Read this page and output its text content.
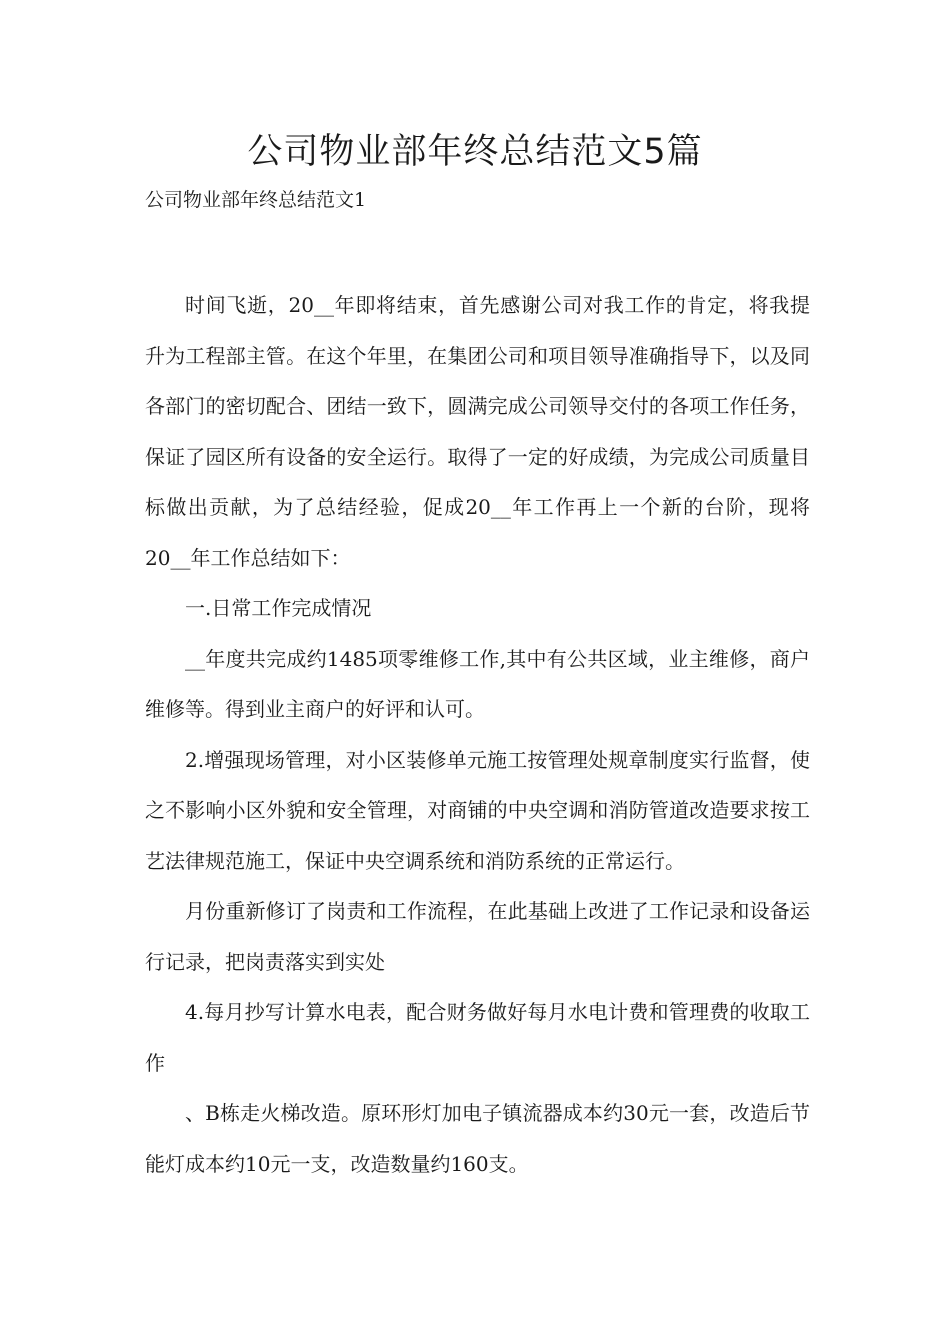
公司物业部年终总结范文5篇

公司物业部年终总结范文1

时间飞逝，20__年即将结束，首先感谢公司对我工作的肯定，将我提升为工程部主管。在这个年里，在集团公司和项目领导准确指导下，以及同各部门的密切配合、团结一致下，圆满完成公司领导交付的各项工作任务，保证了园区所有设备的安全运行。取得了一定的好成绩，为完成公司质量目标做出贡献，为了总结经验，促成20__年工作再上一个新的台阶，现将20__年工作总结如下：

一.日常工作完成情况

__年度共完成约1485项零维修工作,其中有公共区域，业主维修，商户维修等。得到业主商户的好评和认可。

2.增强现场管理，对小区装修单元施工按管理处规章制度实行监督，使之不影响小区外貌和安全管理，对商铺的中央空调和消防管道改造要求按工艺法律规范施工，保证中央空调系统和消防系统的正常运行。

月份重新修订了岗责和工作流程，在此基础上改进了工作记录和设备运行记录，把岗责落实到实处

4.每月抄写计算水电表，配合财务做好每月水电计费和管理费的收取工作

、B栋走火梯改造。原环形灯加电子镇流器成本约30元一套，改造后节能灯成本约10元一支，改造数量约160支。
